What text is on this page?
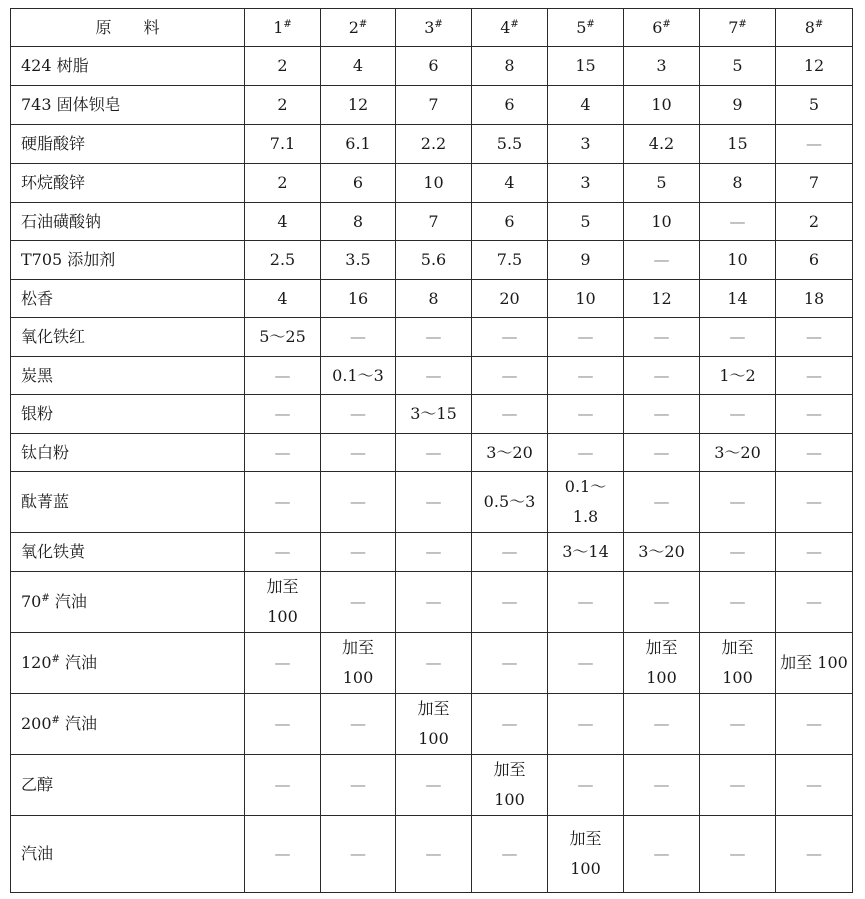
原　　料	1#	2#	3#	4#	5#	6#	7#	8#
424 树脂	2	4	6	8	15	3	5	12
743 固体钡皂	2	12	7	6	4	10	9	5
硬脂酸锌	7.1	6.1	2.2	5.5	3	4.2	15	—
环烷酸锌	2	6	10	4	3	5	8	7
石油磺酸钠	4	8	7	6	5	10	—	2
T705 添加剂	2.5	3.5	5.6	7.5	9	—	10	6
松香	4	16	8	20	10	12	14	18
氧化铁红	5～25	—	—	—	—	—	—	—
炭黑	—	0.1～3	—	—	—	—	1～2	—
银粉	—	—	3～15	—	—	—	—	—
钛白粉	—	—	—	3～20	—	—	3～20	—
酞菁蓝	—	—	—	0.5～3	0.1～1.8	—	—	—
氧化铁黄	—	—	—	—	3～14	3～20	—	—
70# 汽油	加至100	—	—	—	—	—	—	—
120# 汽油	—	加至100	—	—	—	加至100	加至100	加至 100
200# 汽油	—	—	加至100	—	—	—	—	—
乙醇	—	—	—	加至100	—	—	—	—
汽油	—	—	—	—	加至100	—	—	—
